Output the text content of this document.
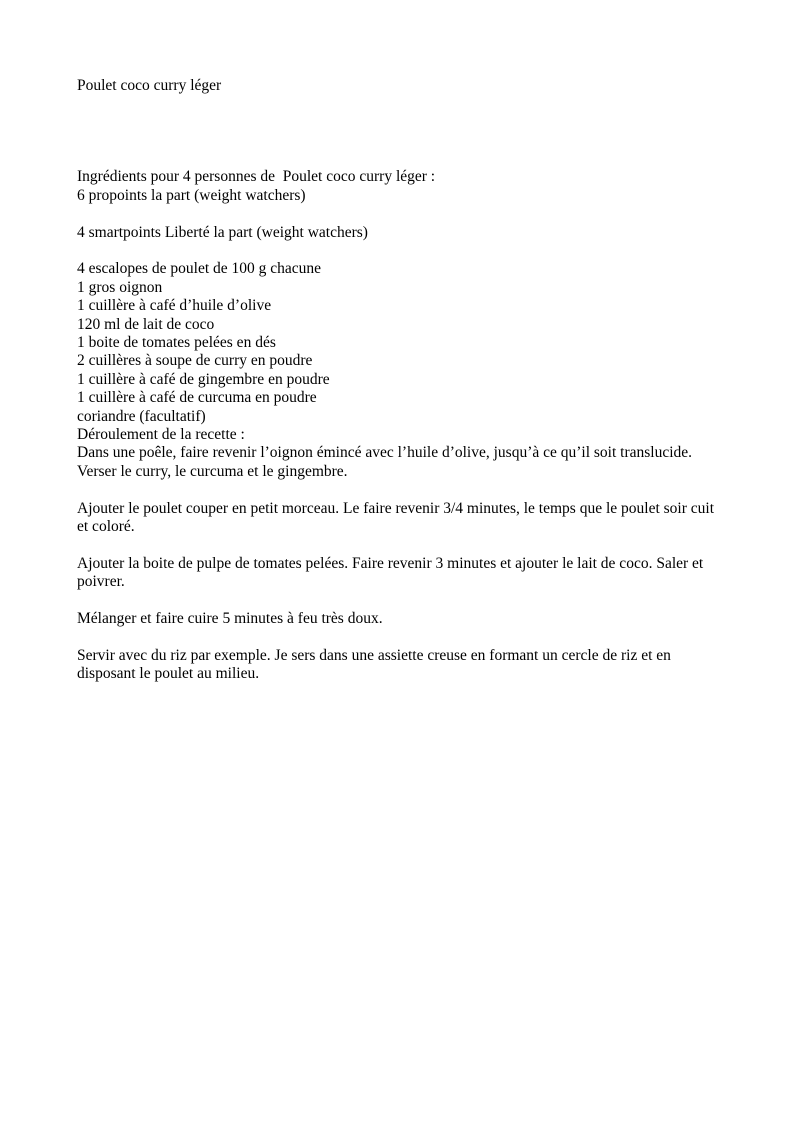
Poulet coco curry léger
Ingrédients pour 4 personnes de  Poulet coco curry léger :
6 propoints la part (weight watchers)
4 smartpoints Liberté la part (weight watchers)
4 escalopes de poulet de 100 g chacune
1 gros oignon
1 cuillère à café d’huile d’olive
120 ml de lait de coco
1 boite de tomates pelées en dés
2 cuillères à soupe de curry en poudre
1 cuillère à café de gingembre en poudre
1 cuillère à café de curcuma en poudre
coriandre (facultatif)
Déroulement de la recette :

Dans une poêle, faire revenir l’oignon émincé avec l’huile d’olive, jusqu’à ce qu’il soit translucide. Verser le curry, le curcuma et le gingembre.

Ajouter le poulet couper en petit morceau. Le faire revenir 3/4 minutes, le temps que le poulet soir cuit et coloré.

Ajouter la boite de pulpe de tomates pelées. Faire revenir 3 minutes et ajouter le lait de coco. Saler et poivrer.

Mélanger et faire cuire 5 minutes à feu très doux.

Servir avec du riz par exemple. Je sers dans une assiette creuse en formant un cercle de riz et en disposant le poulet au milieu.
